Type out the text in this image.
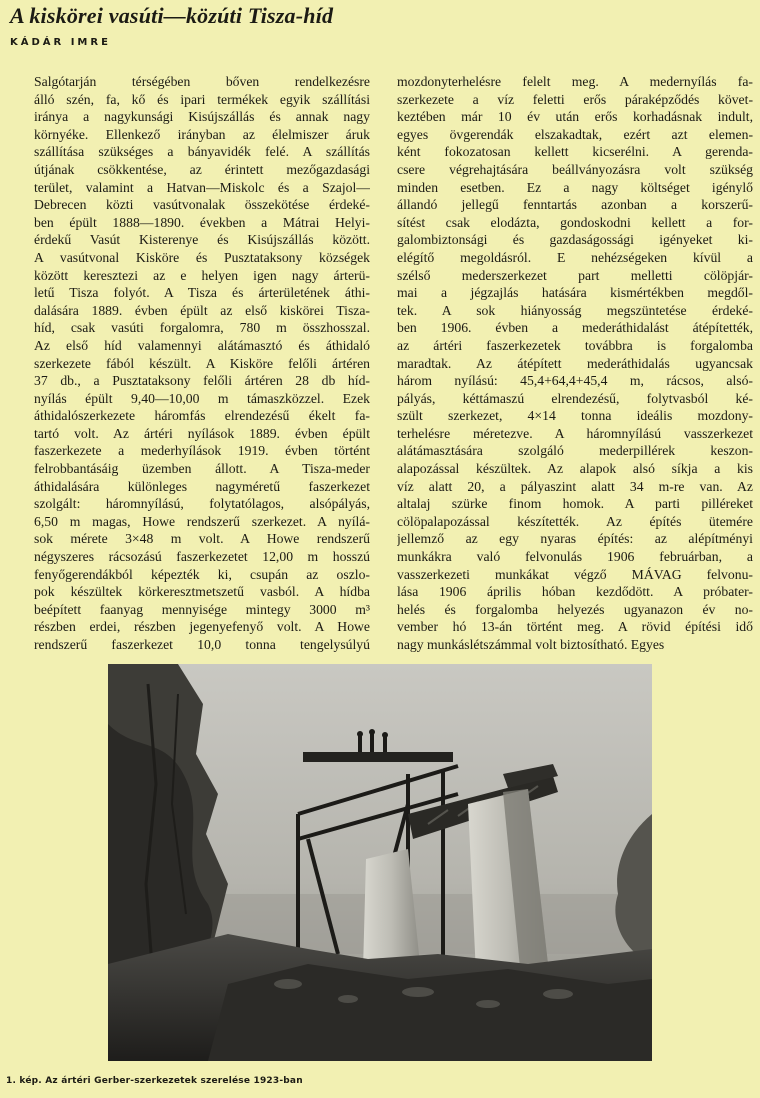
A kiskörei vasúti—közúti Tisza-híd
KÁDÁR IMRE
Salgótarján térségében bőven rendelkezésre
álló szén, fa, kő és ipari termékek egyik szállítási
iránya a nagykunsági Kisújszállás és annak nagy
környéke. Ellenkező irányban az élelmiszer áruk
szállítása szükséges a bányavidék felé. A szállítás
útjának csökkentése, az érintett mezőgazdasági
terület, valamint a Hatvan—Miskolc és a Szajol—
Debrecen közti vasútvonalak összekötése érdeké-
ben épült 1888—1890. években a Mátrai Helyi-
érdekű Vasút Kisterenye és Kisújszállás között.
A vasútvonal Kisköre és Pusztataksony községek
között keresztezi az e helyen igen nagy árterü-
letű Tisza folyót. A Tisza és árterületének áthi-
dalására 1889. évben épült az első kiskörei Tisza-
híd, csak vasúti forgalomra, 780 m összhosszal.
Az első híd valamennyi alátámasztó és áthidaló
szerkezete fából készült. A Kisköre felőli ártéren
37 db., a Pusztataksony felőli ártéren 28 db híd-
nyílás épült 9,40—10,00 m támaszközzel. Ezek
áthidalószerkezete háromfás elrendezésű ékelt fa-
tartó volt. Az ártéri nyílások 1889. évben épült
faszerkezete a mederhyílások 1919. évben történt
felrobbantásáig üzemben állott. A Tisza-meder
áthidalására különleges nagyméretű faszerkezet
szolgált: háromnyílású, folytatólagos, alsópályás,
6,50 m magas, Howe rendszerű szerkezet. A nyílá-
sok mérete 3×48 m volt. A Howe rendszerű
négyszeres rácsozású faszerkezetet 12,00 m hosszú
fenyőgerendákból képezték ki, csupán az oszlo-
pok készültek körkeresztmetszetű vasból. A hídba
beépített faanyag mennyisége mintegy 3000 m³
részben erdei, részben jegenyefenyő volt. A Howe
rendszerű faszerkezet 10,0 tonna tengelysúlyú
mozdonyterhelésre felelt meg. A medernyílás fa-
szerkezete a víz feletti erős páraképződés követ-
keztében már 10 év után erős korhadásnak indult,
egyes övgerendák elszakadtak, ezért azt elemen-
ként fokozatosan kellett kicserélni. A gerenda-
csere végrehajtására beállványozásra volt szükség
minden esetben. Ez a nagy költséget igénylő
állandó jellegű fenntartás azonban a korszerű-
sítést csak elodázta, gondoskodni kellett a for-
galombiztonsági és gazdaságossági igényeket ki-
elégítő megoldásról. E nehézségeken kívül a
szélső mederszerkezet part melletti cölöpjár-
mai a jégzajlás hatására kismértékben megdől-
tek. A sok hiányosság megszüntetése érdeké-
ben 1906. évben a mederáthidalást átépítették,
az ártéri faszerkezetek továbbra is forgalomba
maradtak. Az átépített mederáthidalás ugyancsak
három nyílású: 45,4+64,4+45,4 m, rácsos, alsó-
pályás, kéttámaszú elrendezésű, folytvasból ké-
szült szerkezet, 4×14 tonna ideális mozdony-
terhelésre méretezve. A háromnyílású vasszerkezet
alátámasztására szolgáló mederpillérek keszon-
alapozással készültek. Az alapok alsó síkja a kis
víz alatt 20, a pályaszint alatt 34 m-re van. Az
altalaj szürke finom homok. A parti pilléreket
cölöpalapozással készítették. Az építés ütemére
jellemző az egy nyaras építés: az alépítményi
munkákra való felvonulás 1906 februárban, a
vasszerkezeti munkákat végző MÁVAG felvonu-
lása 1906 április hóban kezdődött. A próbater-
helés és forgalomba helyezés ugyanazon év no-
vember hó 13-án történt meg. A rövid építési idő
nagy munkáslétszámmal volt biztosítható. Egyes
1. kép. Az ártéri Gerber-szerkezetek szerelése 1923-ban
